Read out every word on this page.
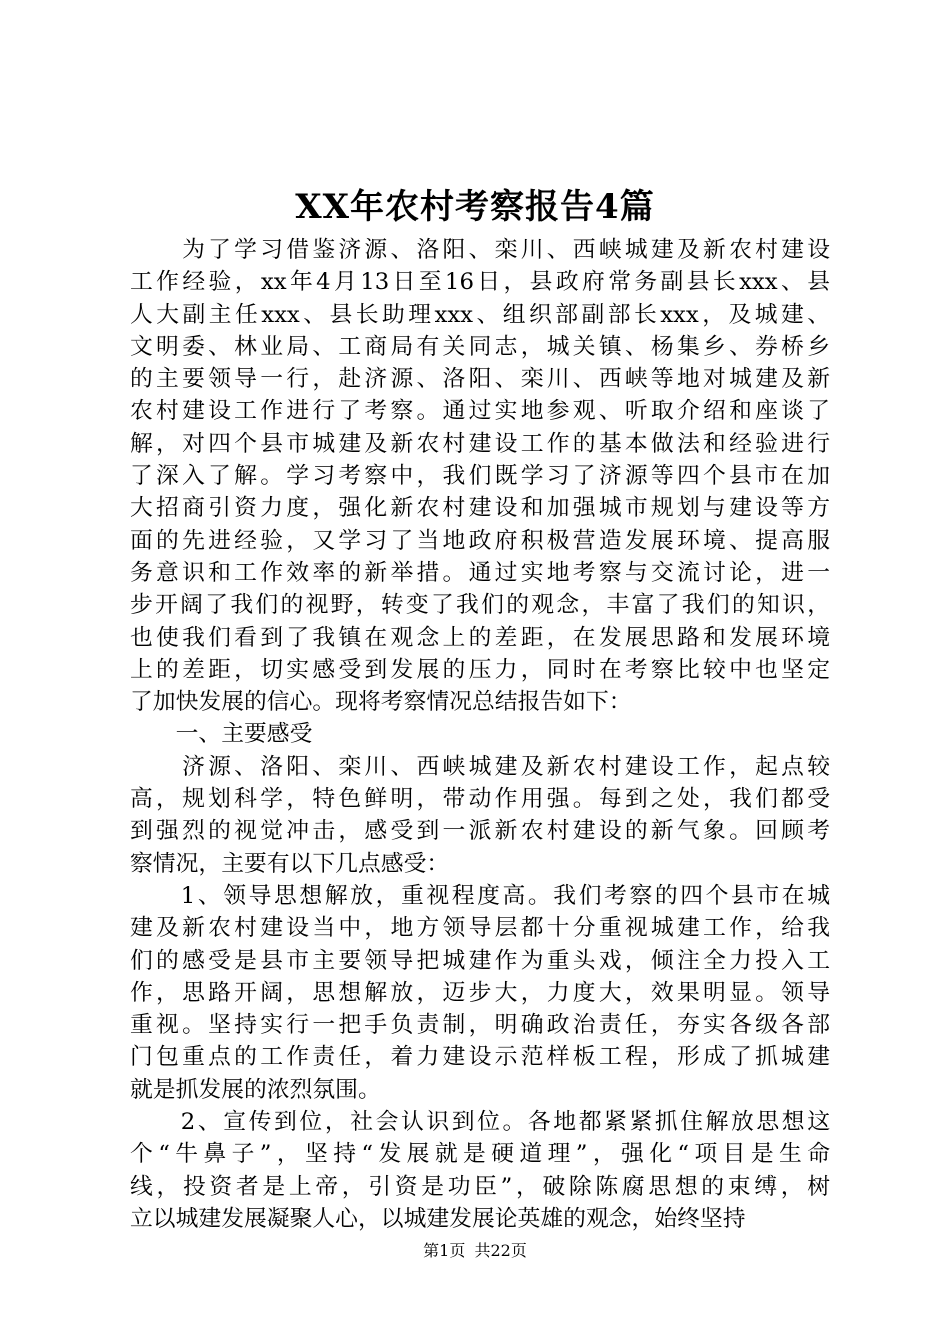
XX年农村考察报告4篇
　　为了学习借鉴济源、洛阳、栾川、西峡城建及新农村建设
工作经验，xx年4月13日至16日，县政府常务副县长xxx、县
人大副主任xxx、县长助理xxx、组织部副部长xxx，及城建、
文明委、林业局、工商局有关同志，城关镇、杨集乡、券桥乡
的主要领导一行，赴济源、洛阳、栾川、西峡等地对城建及新
农村建设工作进行了考察。通过实地参观、听取介绍和座谈了
解，对四个县市城建及新农村建设工作的基本做法和经验进行
了深入了解。学习考察中，我们既学习了济源等四个县市在加
大招商引资力度，强化新农村建设和加强城市规划与建设等方
面的先进经验，又学习了当地政府积极营造发展环境、提高服
务意识和工作效率的新举措。通过实地考察与交流讨论，进一
步开阔了我们的视野，转变了我们的观念，丰富了我们的知识，
也使我们看到了我镇在观念上的差距，在发展思路和发展环境
上的差距，切实感受到发展的压力，同时在考察比较中也坚定
了加快发展的信心。现将考察情况总结报告如下：
　　一、主要感受
　　济源、洛阳、栾川、西峡城建及新农村建设工作，起点较
高，规划科学，特色鲜明，带动作用强。每到之处，我们都受
到强烈的视觉冲击，感受到一派新农村建设的新气象。回顾考
察情况，主要有以下几点感受：
　　1、领导思想解放，重视程度高。我们考察的四个县市在城
建及新农村建设当中，地方领导层都十分重视城建工作，给我
们的感受是县市主要领导把城建作为重头戏，倾注全力投入工
作，思路开阔，思想解放，迈步大，力度大，效果明显。领导
重视。坚持实行一把手负责制，明确政治责任，夯实各级各部
门包重点的工作责任，着力建设示范样板工程，形成了抓城建
就是抓发展的浓烈氛围。
　　2、宣传到位，社会认识到位。各地都紧紧抓住解放思想这
个“牛鼻子”，坚持“发展就是硬道理”，强化“项目是生命
线，投资者是上帝，引资是功臣”，破除陈腐思想的束缚，树
立以城建发展凝聚人心，以城建发展论英雄的观念，始终坚持
第1页 共22页
